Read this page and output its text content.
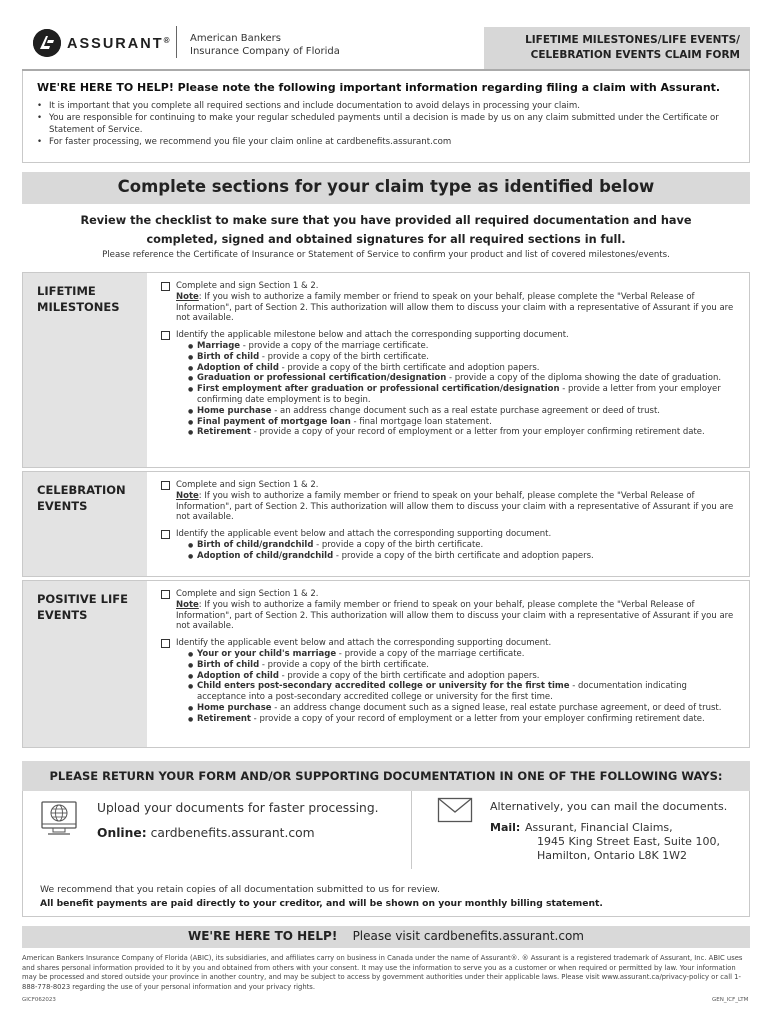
ASSURANT® American Bankers
Insurance Company of Florida
LIFETIME MILESTONES/LIFE EVENTS/
CELEBRATION EVENTS CLAIM FORM
WE'RE HERE TO HELP! Please note the following important information regarding filing a claim with Assurant.
• It is important that you complete all required sections and include documentation to avoid delays in processing your claim.
• You are responsible for continuing to make your regular scheduled payments until a decision is made by us on any claim submitted under the Certificate or Statement of Service.
• For faster processing, we recommend you file your claim online at cardbenefits.assurant.com
Complete sections for your claim type as identified below
Review the checklist to make sure that you have provided all required documentation and have
completed, signed and obtained signatures for all required sections in full.
Please reference the Certificate of Insurance or Statement of Service to confirm your product and list of covered milestones/events.
LIFETIME
MILESTONES
Complete and sign Section 1 & 2.
Note: If you wish to authorize a family member or friend to speak on your behalf, please complete the "Verbal Release of Information", part of Section 2. This authorization will allow them to discuss your claim with a representative of Assurant if you are not available.
Identify the applicable milestone below and attach the corresponding supporting document.
● Marriage - provide a copy of the marriage certificate.
● Birth of child - provide a copy of the birth certificate.
● Adoption of child - provide a copy of the birth certificate and adoption papers.
● Graduation or professional certification/designation - provide a copy of the diploma showing the date of graduation.
● First employment after graduation or professional certification/designation - provide a letter from your employer confirming date employment is to begin.
● Home purchase - an address change document such as a real estate purchase agreement or deed of trust.
● Final payment of mortgage loan - final mortgage loan statement.
● Retirement - provide a copy of your record of employment or a letter from your employer confirming retirement date.
CELEBRATION
EVENTS
Complete and sign Section 1 & 2.
Note: If you wish to authorize a family member or friend to speak on your behalf, please complete the "Verbal Release of Information", part of Section 2. This authorization will allow them to discuss your claim with a representative of Assurant if you are not available.
Identify the applicable event below and attach the corresponding supporting document.
● Birth of child/grandchild - provide a copy of the birth certificate.
● Adoption of child/grandchild - provide a copy of the birth certificate and adoption papers.
POSITIVE LIFE
EVENTS
Complete and sign Section 1 & 2.
Note: If you wish to authorize a family member or friend to speak on your behalf, please complete the "Verbal Release of Information", part of Section 2. This authorization will allow them to discuss your claim with a representative of Assurant if you are not available.
Identify the applicable event below and attach the corresponding supporting document.
● Your or your child's marriage - provide a copy of the marriage certificate.
● Birth of child - provide a copy of the birth certificate.
● Adoption of child - provide a copy of the birth certificate and adoption papers.
● Child enters post-secondary accredited college or university for the first time - documentation indicating acceptance into a post-secondary accredited college or university for the first time.
● Home purchase - an address change document such as a signed lease, real estate purchase agreement, or deed of trust.
● Retirement - provide a copy of your record of employment or a letter from your employer confirming retirement date.
PLEASE RETURN YOUR FORM AND/OR SUPPORTING DOCUMENTATION IN ONE OF THE FOLLOWING WAYS:
Upload your documents for faster processing.
Online: cardbenefits.assurant.com
Alternatively, you can mail the documents.
Mail: Assurant, Financial Claims,
1945 King Street East, Suite 100,
Hamilton, Ontario L8K 1W2
We recommend that you retain copies of all documentation submitted to us for review.
All benefit payments are paid directly to your creditor, and will be shown on your monthly billing statement.
WE'RE HERE TO HELP! Please visit cardbenefits.assurant.com
American Bankers Insurance Company of Florida (ABIC), its subsidiaries, and affiliates carry on business in Canada under the name of Assurant®. ® Assurant is a registered trademark of Assurant, Inc. ABIC uses and shares personal information provided to it by you and obtained from others with your consent. It may use the information to serve you as a customer or when required or permitted by law. Your information may be processed and stored outside your province in another country, and may be subject to access by government authorities under their applicable laws. Please visit www.assurant.ca/privacy-policy or call 1-888-778-8023 regarding the use of your personal information and your privacy rights.
GICF062023	GEN_ICF_LTM
